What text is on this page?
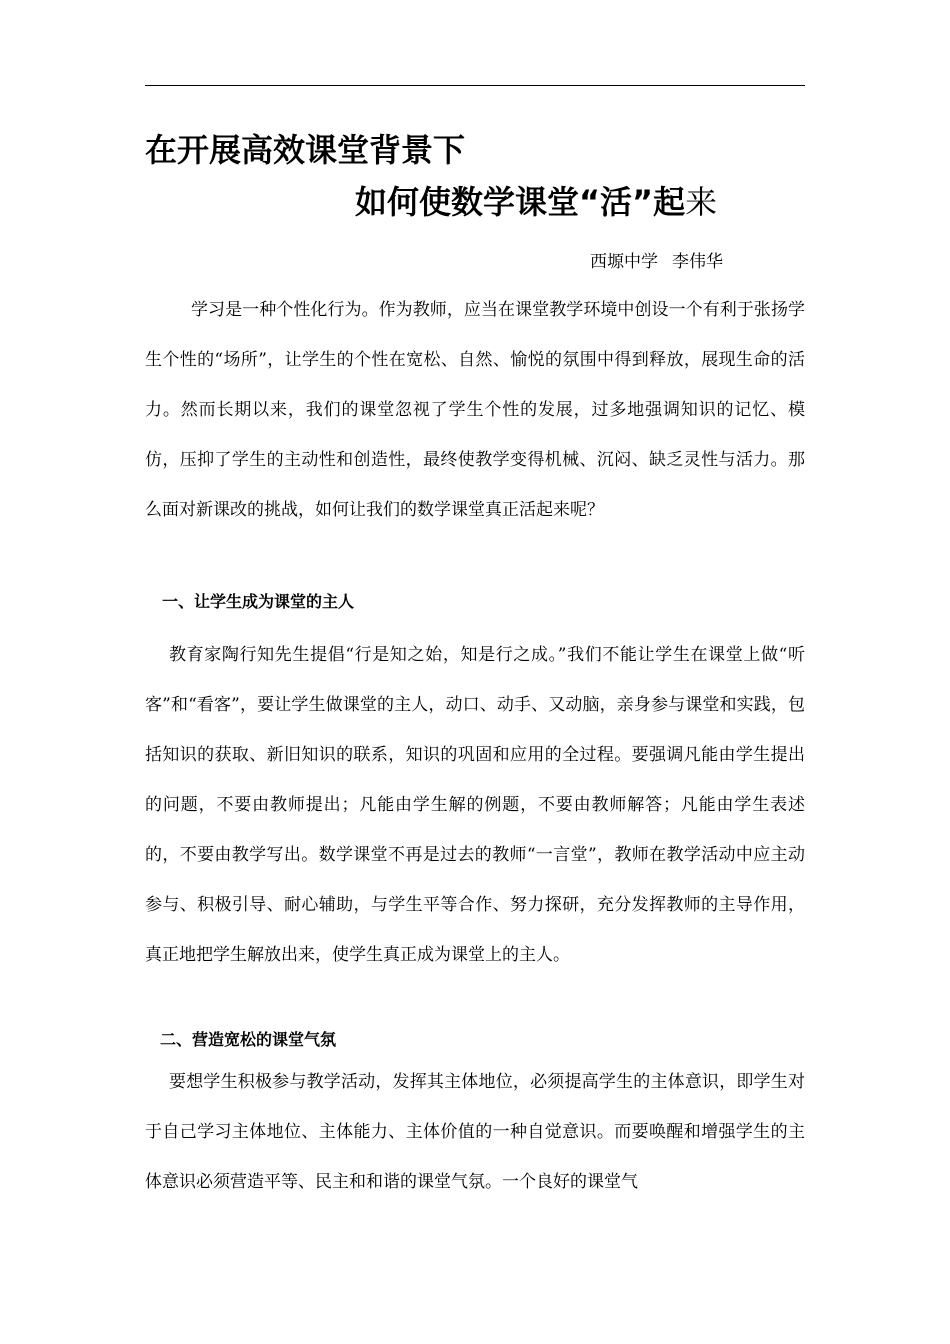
在开展高效课堂背景下
如何使数学课堂“活”起来
西塬中学 李伟华
学习是一种个性化行为。作为教师，应当在课堂教学环境中创设一个有利于张扬学生个性的“场所”，让学生的个性在宽松、自然、愉悦的氛围中得到释放，展现生命的活力。然而长期以来，我们的课堂忽视了学生个性的发展，过多地强调知识的记忆、模仿，压抑了学生的主动性和创造性，最终使教学变得机械、沉闷、缺乏灵性与活力。那么面对新课改的挑战，如何让我们的数学课堂真正活起来呢？
一、让学生成为课堂的主人
教育家陶行知先生提倡“行是知之始，知是行之成。”我们不能让学生在课堂上做“听客”和“看客”，要让学生做课堂的主人，动口、动手、又动脑，亲身参与课堂和实践，包括知识的获取、新旧知识的联系，知识的巩固和应用的全过程。要强调凡能由学生提出的问题，不要由教师提出；凡能由学生解的例题，不要由教师解答；凡能由学生表述的，不要由教学写出。数学课堂不再是过去的教师“一言堂”，教师在教学活动中应主动参与、积极引导、耐心辅助，与学生平等合作、努力探研，充分发挥教师的主导作用，真正地把学生解放出来，使学生真正成为课堂上的主人。
二、营造宽松的课堂气氛
要想学生积极参与教学活动，发挥其主体地位，必须提高学生的主体意识，即学生对于自己学习主体地位、主体能力、主体价值的一种自觉意识。而要唤醒和增强学生的主体意识必须营造平等、民主和和谐的课堂气氛。一个良好的课堂气
